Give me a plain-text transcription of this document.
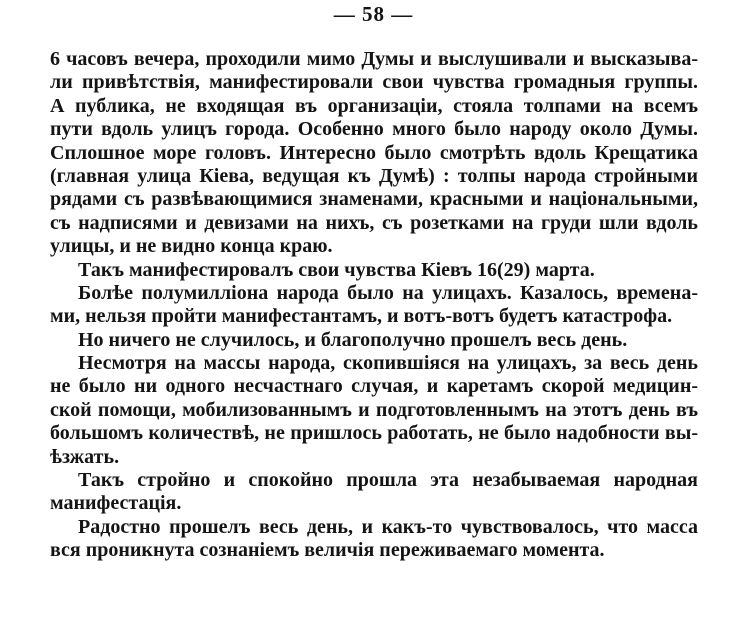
— 58 —
6 часовъ вечера, проходили мимо Думы и выслушивали и высказыва-
ли привѣтствія, манифестировали свои чувства громадныя группы.
А публика, не входящая въ организаціи, стояла толпами на всемъ
пути вдоль улицъ города. Особенно много было народу около Думы.
Сплошное море головъ. Интересно было смотрѣть вдоль Крещатика
(главная улица Кіева, ведущая къ Думѣ) : толпы народа стройными
рядами съ развѣвающимися знаменами, красными и національными,
съ надписями и девизами на нихъ, съ розетками на груди шли вдоль
улицы, и не видно конца краю.
Такъ манифестировалъ свои чувства Кіевъ 16(29) марта.
Болѣе полумилліона народа было на улицахъ. Казалось, времена-
ми, нельзя пройти манифестантамъ, и вотъ-вотъ будетъ катастрофа.
Но ничего не случилось, и благополучно прошелъ весь день.
Несмотря на массы народа, скопившіяся на улицахъ, за весь день
не было ни одного несчастнаго случая, и каретамъ скорой медицин-
ской помощи, мобилизованнымъ и подготовленнымъ на этотъ день въ
большомъ количествѣ, не пришлось работать, не было надобности вы-
ѣзжать.
Такъ стройно и спокойно прошла эта незабываемая народная
манифестація.
Радостно прошелъ весь день, и какъ-то чувствовалось, что масса
вся проникнута сознаніемъ величія переживаемаго момента.
